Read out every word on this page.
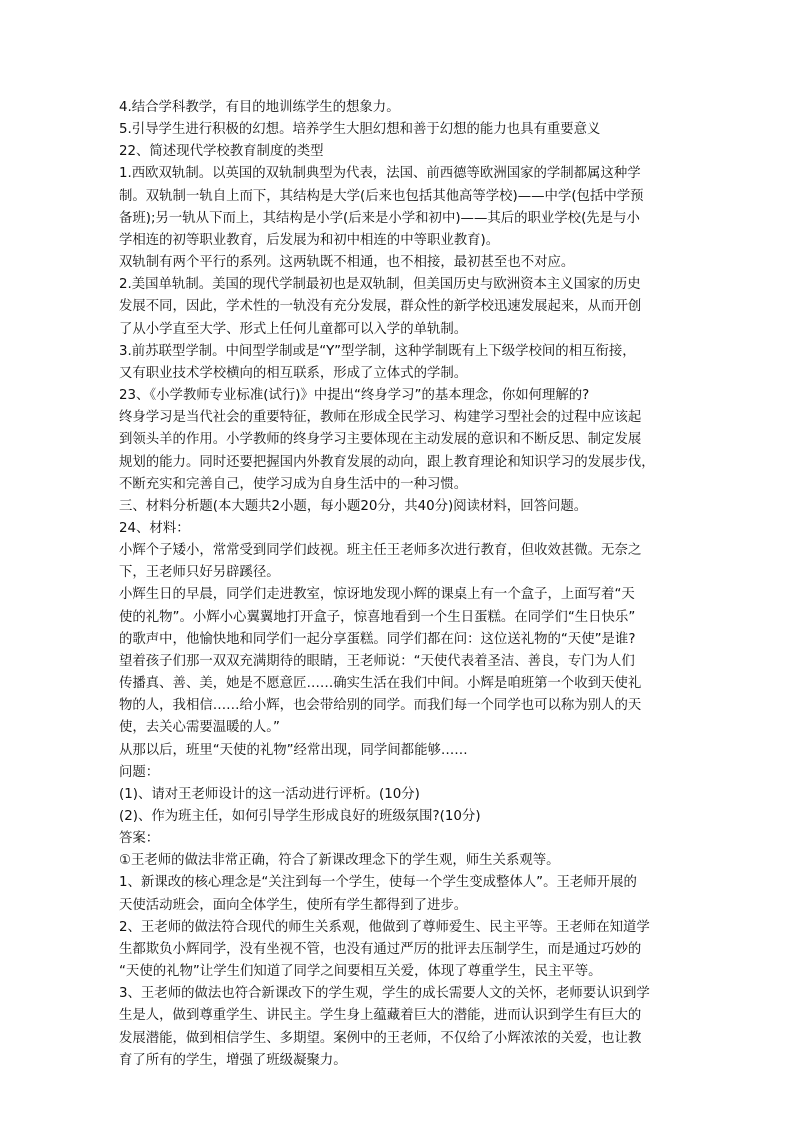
4.结合学科教学，有目的地训练学生的想象力。

5.引导学生进行积极的幻想。培养学生大胆幻想和善于幻想的能力也具有重要意义

22、简述现代学校教育制度的类型

1.西欧双轨制。以英国的双轨制典型为代表，法国、前西德等欧洲国家的学制都属这种学

制。双轨制一轨自上而下，其结构是大学(后来也包括其他高等学校)——中学(包括中学预

备班);另一轨从下而上，其结构是小学(后来是小学和初中)——其后的职业学校(先是与小

学相连的初等职业教育，后发展为和初中相连的中等职业教育)。

双轨制有两个平行的系列。这两轨既不相通，也不相接，最初甚至也不对应。

2.美国单轨制。美国的现代学制最初也是双轨制，但美国历史与欧洲资本主义国家的历史

发展不同，因此，学术性的一轨没有充分发展，群众性的新学校迅速发展起来，从而开创

了从小学直至大学、形式上任何儿童都可以入学的单轨制。

3.前苏联型学制。中间型学制或是“Y”型学制，这种学制既有上下级学校间的相互衔接，

又有职业技术学校横向的相互联系，形成了立体式的学制。

23、《小学教师专业标准(试行)》中提出“终身学习”的基本理念，你如何理解的?

终身学习是当代社会的重要特征，教师在形成全民学习、构建学习型社会的过程中应该起

到领头羊的作用。小学教师的终身学习主要体现在主动发展的意识和不断反思、制定发展

规划的能力。同时还要把握国内外教育发展的动向，跟上教育理论和知识学习的发展步伐，

不断充实和完善自己，使学习成为自身生活中的一种习惯。

三、材料分析题(本大题共2小题，每小题20分，共40分)阅读材料，回答问题。

24、材料：

小辉个子矮小，常常受到同学们歧视。班主任王老师多次进行教育，但收效甚微。无奈之

下，王老师只好另辟蹊径。

小辉生日的早晨，同学们走进教室，惊讶地发现小辉的课桌上有一个盒子，上面写着“天

使的礼物”。小辉小心翼翼地打开盒子，惊喜地看到一个生日蛋糕。在同学们“生日快乐”

的歌声中，他愉快地和同学们一起分享蛋糕。同学们都在问：这位送礼物的“天使”是谁?

望着孩子们那一双双充满期待的眼睛，王老师说：“天使代表着圣洁、善良，专门为人们

传播真、善、美，她是不愿意匠……确实生活在我们中间。小辉是咱班第一个收到天使礼

物的人，我相信……给小辉，也会带给别的同学。而我们每一个同学也可以称为别人的天

使，去关心需要温暖的人。”

从那以后，班里“天使的礼物”经常出现，同学间都能够……

问题：

(1)、请对王老师设计的这一活动进行评析。(10分)

(2)、作为班主任，如何引导学生形成良好的班级氛围?(10分)

答案：

①王老师的做法非常正确，符合了新课改理念下的学生观，师生关系观等。

1、新课改的核心理念是“关注到每一个学生，使每一个学生变成整体人”。王老师开展的

天使活动班会，面向全体学生，使所有学生都得到了进步。

2、王老师的做法符合现代的师生关系观，他做到了尊师爱生、民主平等。王老师在知道学

生都欺负小辉同学，没有坐视不管，也没有通过严厉的批评去压制学生，而是通过巧妙的

“天使的礼物”让学生们知道了同学之间要相互关爱，体现了尊重学生，民主平等。

3、王老师的做法也符合新课改下的学生观，学生的成长需要人文的关怀，老师要认识到学

生是人，做到尊重学生、讲民主。学生身上蕴藏着巨大的潜能，进而认识到学生有巨大的

发展潜能，做到相信学生、多期望。案例中的王老师，不仅给了小辉浓浓的关爱，也让教

育了所有的学生，增强了班级凝聚力。
